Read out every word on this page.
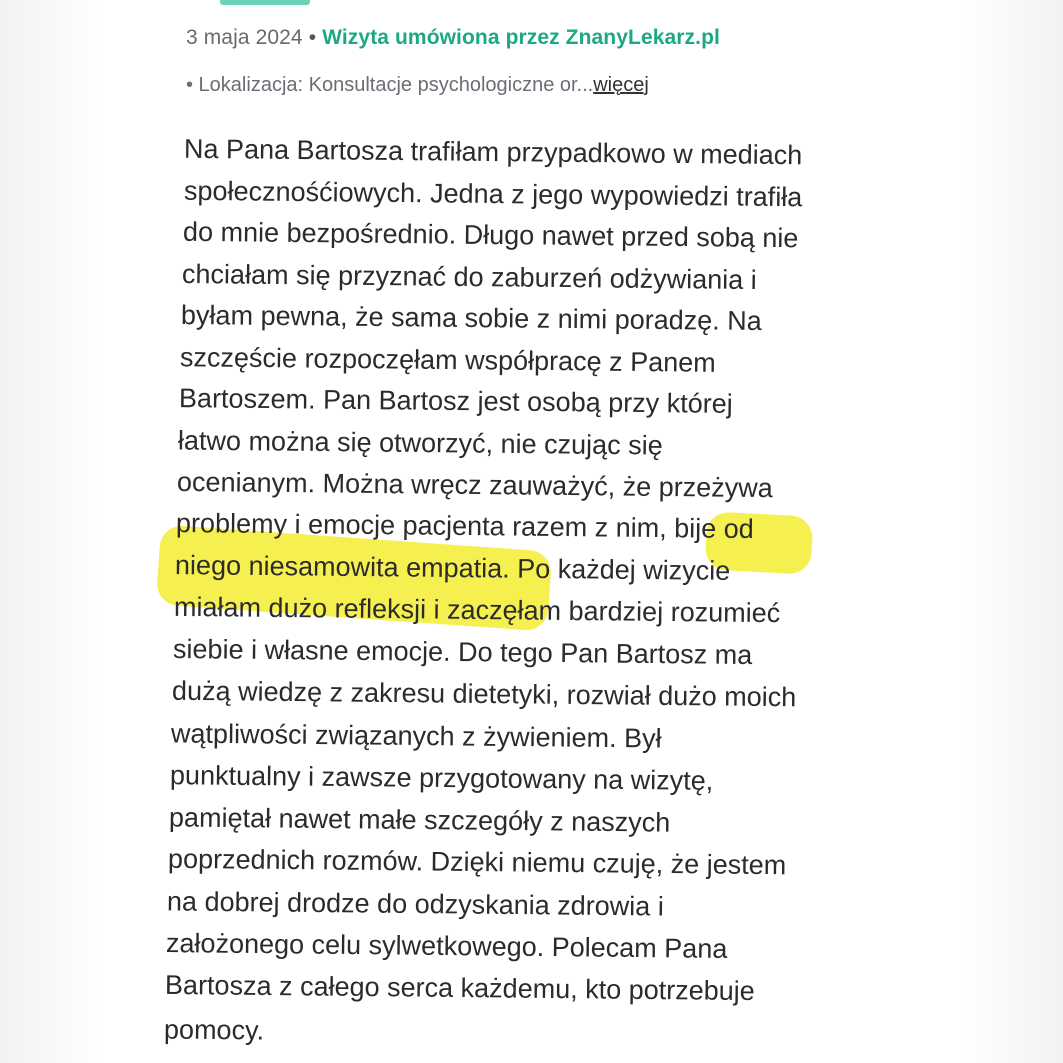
3 maja 2024 • Wizyta umówiona przez ZnanyLekarz.pl
• Lokalizacja: Konsultacje psychologiczne or...więcej
Na Pana Bartosza trafiłam przypadkowo w mediach
społecznośćiowych. Jedna z jego wypowiedzi trafiła
do mnie bezpośrednio. Długo nawet przed sobą nie
chciałam się przyznać do zaburzeń odżywiania i
byłam pewna, że sama sobie z nimi poradzę. Na
szczęście rozpoczęłam współpracę z Panem
Bartoszem. Pan Bartosz jest osobą przy której
łatwo można się otworzyć, nie czując się
ocenianym. Można wręcz zauważyć, że przeżywa
problemy i emocje pacjenta razem z nim, bije od
niego niesamowita empatia. Po każdej wizycie
miałam dużo refleksji i zaczęłam bardziej rozumieć
siebie i własne emocje. Do tego Pan Bartosz ma
dużą wiedzę z zakresu dietetyki, rozwiał dużo moich
wątpliwości związanych z żywieniem. Był
punktualny i zawsze przygotowany na wizytę,
pamiętał nawet małe szczegóły z naszych
poprzednich rozmów. Dzięki niemu czuję, że jestem
na dobrej drodze do odzyskania zdrowia i
założonego celu sylwetkowego. Polecam Pana
Bartosza z całego serca każdemu, kto potrzebuje
pomocy.
